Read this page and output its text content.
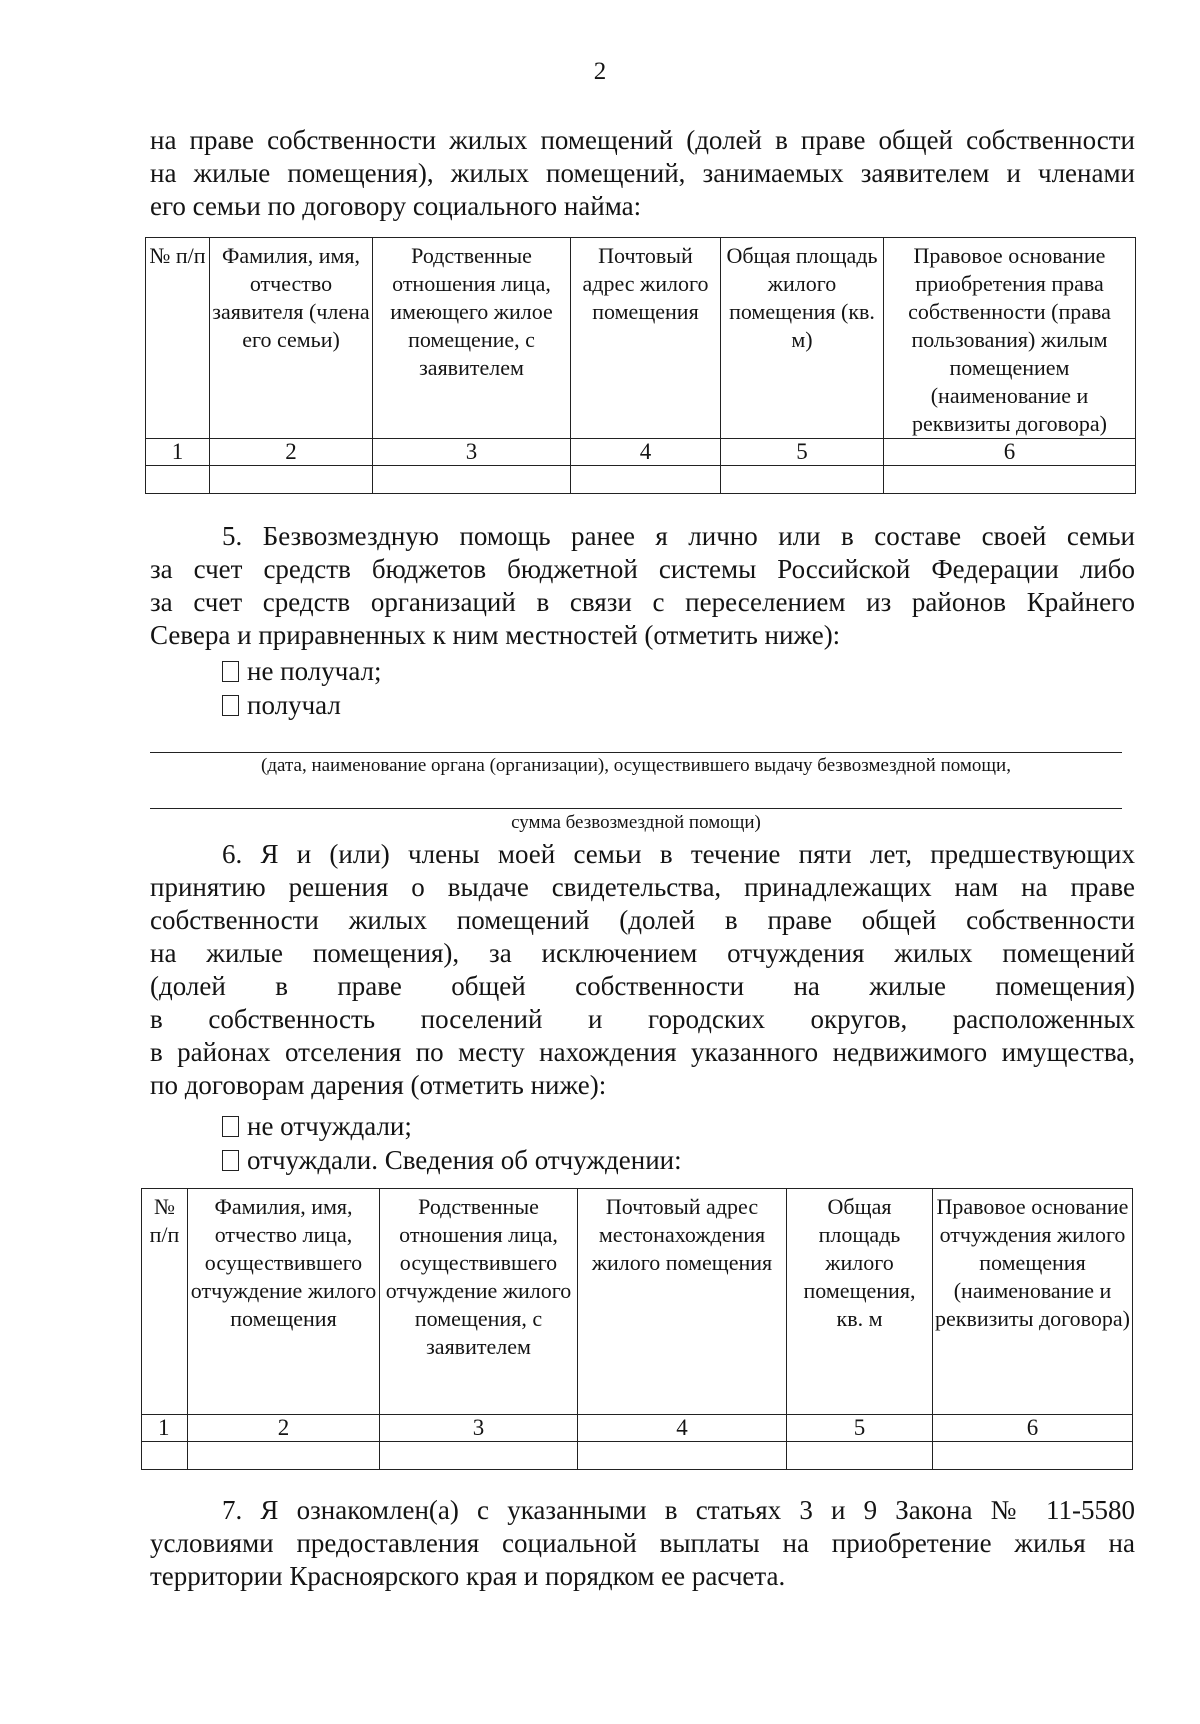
2
на праве собственности жилых помещений (долей в праве общей собственности
на жилые помещения), жилых помещений, занимаемых заявителем и членами
его семьи по договору социального найма:
№ п/п	Фамилия, имя, отчество заявителя (члена его семьи)	Родственные отношения лица, имеющего жилое помещение, с заявителем	Почтовый адрес жилого помещения	Общая площадь жилого помещения (кв. м)	Правовое основание приобретения права собственности (права пользования) жилым помещением (наименование и реквизиты договора)
1	2	3	4	5	6

5. Безвозмездную помощь ранее я лично или в составе своей семьи
за счет средств бюджетов бюджетной системы Российской Федерации либо
за счет средств организаций в связи с переселением из районов Крайнего
Севера и приравненных к ним местностей (отметить ниже):
не получал;
получал
(дата, наименование органа (организации), осуществившего выдачу безвозмездной помощи,
сумма безвозмездной помощи)
6. Я и (или) члены моей семьи в течение пяти лет, предшествующих
принятию решения о выдаче свидетельства, принадлежащих нам на праве
собственности жилых помещений (долей в праве общей собственности
на жилые помещения), за исключением отчуждения жилых помещений
(долей в праве общей собственности на жилые помещения)
в собственность поселений и городских округов, расположенных
в районах отселения по месту нахождения указанного недвижимого имущества,
по договорам дарения (отметить ниже):
не отчуждали;
отчуждали. Сведения об отчуждении:
№ п/п	Фамилия, имя, отчество лица, осуществившего отчуждение жилого помещения	Родственные отношения лица, осуществившего отчуждение жилого помещения, с заявителем	Почтовый адрес местонахождения жилого помещения	Общая площадь жилого помещения, кв. м	Правовое основание отчуждения жилого помещения (наименование и реквизиты договора)
1	2	3	4	5	6

7. Я ознакомлен(а) с указанными в статьях 3 и 9 Закона № 11-5580
условиями предоставления социальной выплаты на приобретение жилья на
территории Красноярского края и порядком ее расчета.
